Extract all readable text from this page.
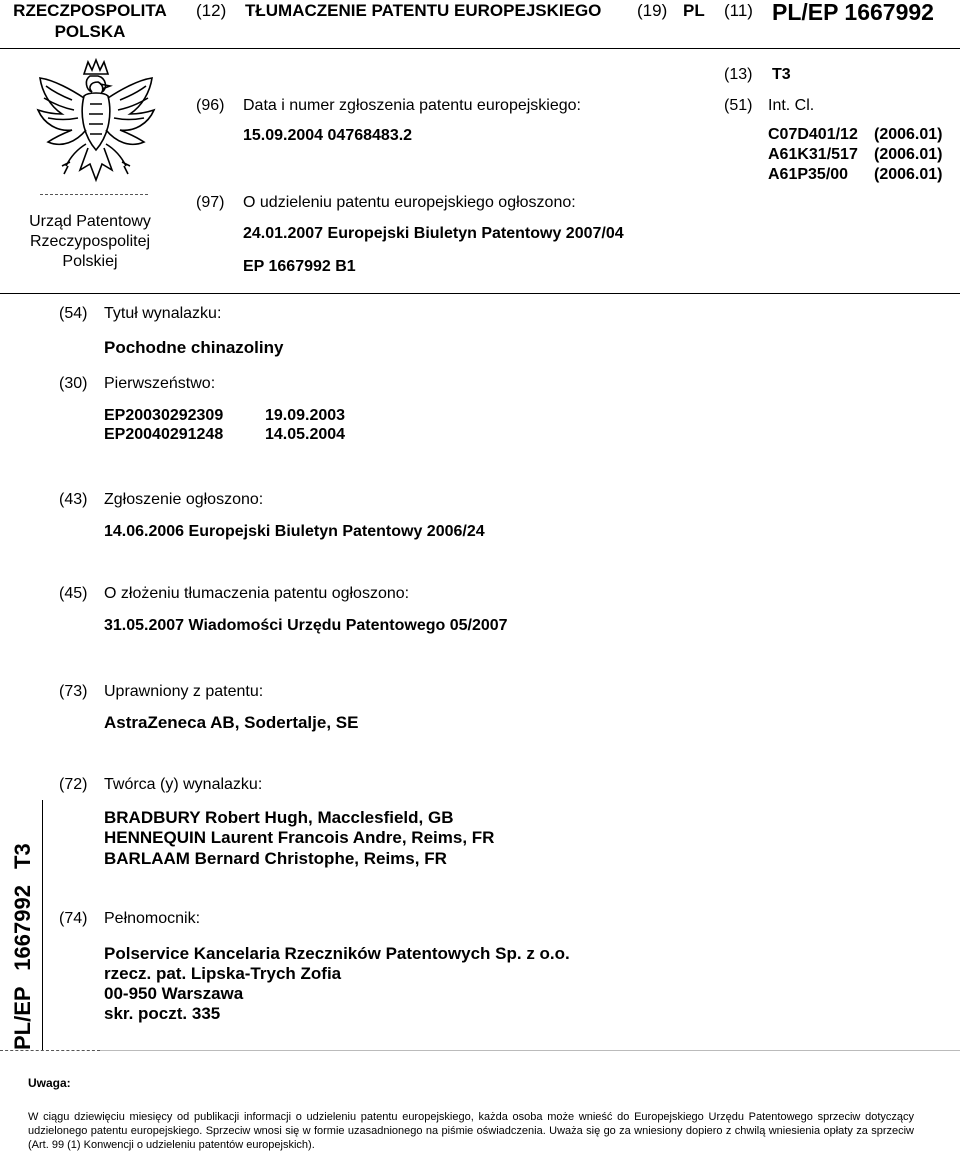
RZECZPOSPOLITA POLSKA
(12) TŁUMACZENIE PATENTU EUROPEJSKIEGO (19) PL (11) PL/EP 1667992
Urząd Patentowy
Rzeczypospolitej
Polskiej
(96) Data i numer zgłoszenia patentu europejskiego:
15.09.2004 04768483.2
(97) O udzieleniu patentu europejskiego ogłoszono:
24.01.2007 Europejski Biuletyn Patentowy 2007/04
EP 1667992 B1
(13) T3
(51) Int. Cl.
C07D401/12 (2006.01)
A61K31/517 (2006.01)
A61P35/00 (2006.01)
(54) Tytuł wynalazku:
Pochodne chinazoliny
(30) Pierwszeństwo:
EP20030292309	19.09.2003
EP20040291248	14.05.2004
(43) Zgłoszenie ogłoszono:
14.06.2006 Europejski Biuletyn Patentowy 2006/24
(45) O złożeniu tłumaczenia patentu ogłoszono:
31.05.2007 Wiadomości Urzędu Patentowego 05/2007
(73) Uprawniony z patentu:
AstraZeneca AB, Sodertalje, SE
(72) Twórca (y) wynalazku:
BRADBURY Robert Hugh, Macclesfield, GB
HENNEQUIN Laurent Francois Andre, Reims, FR
BARLAAM Bernard Christophe, Reims, FR
(74) Pełnomocnik:
Polservice Kancelaria Rzeczników Patentowych Sp. z o.o.
rzecz. pat. Lipska-Trych Zofia
00-950 Warszawa
skr. poczt. 335
PL/EP 1667992 T3
Uwaga:
W ciągu dziewięciu miesięcy od publikacji informacji o udzieleniu patentu europejskiego, każda osoba może wnieść do Europejskiego Urzędu Patentowego sprzeciw dotyczący udzielonego patentu europejskiego. Sprzeciw wnosi się w formie uzasadnionego na piśmie oświadczenia. Uważa się go za wniesiony dopiero z chwilą wniesienia opłaty za sprzeciw (Art. 99 (1) Konwencji o udzieleniu patentów europejskich).
